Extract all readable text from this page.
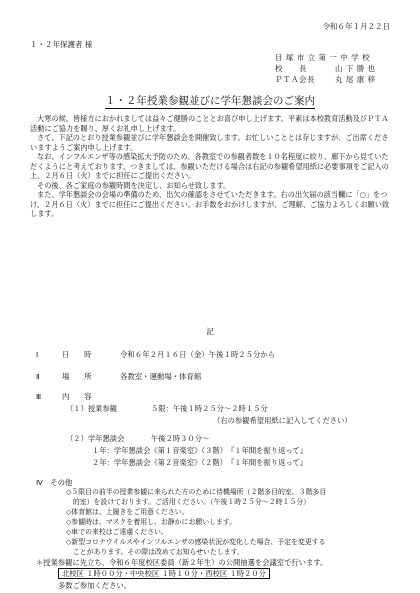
令和６年１月２２日
１・２年保護者 様
目 塚 市 立 第 一 中 学 校
校　　長	山 下 勝 也
ＰＴＡ会長	丸 尾 康 移
１・２年授業参観並びに学年懇談会のご案内

大寒の候、皆様方におかれましては益々ご健勝のこととお喜び申し上げます。平素は本校教育活動及びＰＴＡ活動にご協力を賜り、厚くお礼申し上げます。

さて、下記のとおり授業参観並びに学年懇談会を開催致します。お忙しいこととは存じますが、ご出席くださいますようご案内申し上げます。

なお、インフルエンザ等の感染拡大予防のため、各教室での参観者数を１０名程度に絞り、廊下から見ていただくようにと考えております。つきましては、参観いただける場合は右記の参観希望用紙に必要事項をご記入の上、２月６日（火）までに担任にご提出ください。

その後、各ご家庭の参観時間を決定し、お知らせ致します。

また、学年懇談会の会場の準備のため、出欠の確認をさせていただきます。右の出欠届の該当欄に「○」をつけ、２月６日（火）までに担任にご提出ください。お手数をおかけしますが、ご理解、ご協力よろしくお願い致します。

記
Ⅰ	日　　時	令和６年２月１６日（金）午後１時２５分から
Ⅱ	場　　所	各教室・運動場・体育館
Ⅲ	内　　容
（１）授業参観	５限：午後１時２５分～２時１５分
（右の参観希望用紙に記入してください）
（２）学年懇談会	午後２時３０分～
１年：学年懇談会《第１音楽室》（３階）　『１年間を振り返って』
２年：学年懇談会《第２音楽室》（２階）　『１年間を振り返って』
Ⅳ　その他
◇５限目の前半の授業参観に来られた方のために待機場所（２階多目的室、３階多目
　的室）を設けております。ご活用ください。（午後１時２５分～２時１５分）
◇体育館は、上履きをご用意ください。
◇参観時は、マスクを着用し、お静かにお願いします。
◇車での来校はご遠慮ください。
◇新型コロナウイルスやインフルエンザの感染状況が変化した場合、予定を変更する
　ことがあります。その際は改めてお知らせいたします。
＊授業参観に先立ち、令和６年度校区委員（新２年生）の公開抽選を会議室で行います。
北校区 １時００分・中央校区 １時１０分・西校区 １時２０分
多数ご参加ください。
